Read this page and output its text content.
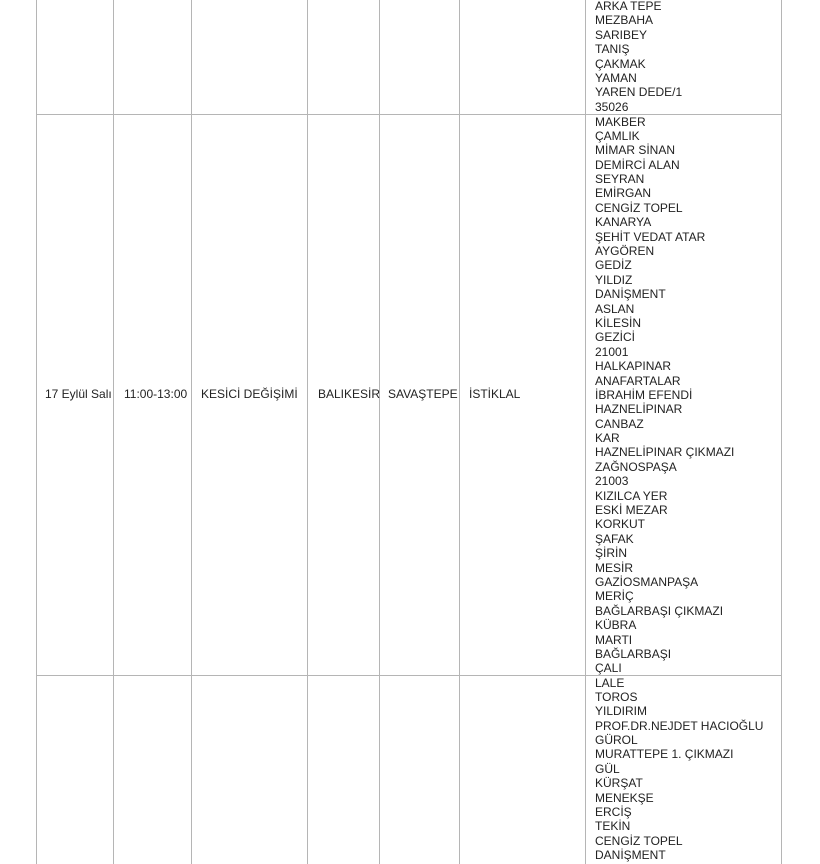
ARKA TEPE
MEZBAHA
SARIBEY
TANIŞ
ÇAKMAK
YAMAN
YAREN DEDE/1
35026
17 Eylül Salı 11:00-13:00 KESİCİ DEĞİŞİMİ BALIKESİR SAVAŞTEPE İSTİKLAL
MAKBER
ÇAMLIK
MİMAR SİNAN
DEMİRCİ ALAN
SEYRAN
EMİRGAN
CENGİZ TOPEL
KANARYA
ŞEHİT VEDAT ATAR
AYGÖREN
GEDİZ
YILDIZ
DANİŞMENT
ASLAN
KİLESİN
GEZİCİ
21001
HALKAPINAR
ANAFARTALAR
İBRAHİM EFENDİ
HAZNELİPINAR
CANBAZ
KAR
HAZNELİPINAR ÇIKMAZI
ZAĞNOSPAŞA
21003
KIZILCA YER
ESKİ MEZAR
KORKUT
ŞAFAK
ŞİRİN
MESİR
GAZİOSMANPAŞA
MERİÇ
BAĞLARBAŞI ÇIKMAZI
KÜBRA
MARTI
BAĞLARBAŞI
ÇALI
LALE
TOROS
YILDIRIM
PROF.DR.NEJDET HACIOĞLU
GÜROL
MURATTEPE 1. ÇIKMAZI
GÜL
KÜRŞAT
MENEKŞE
ERCİŞ
TEKİN
CENGİZ TOPEL
DANİŞMENT
